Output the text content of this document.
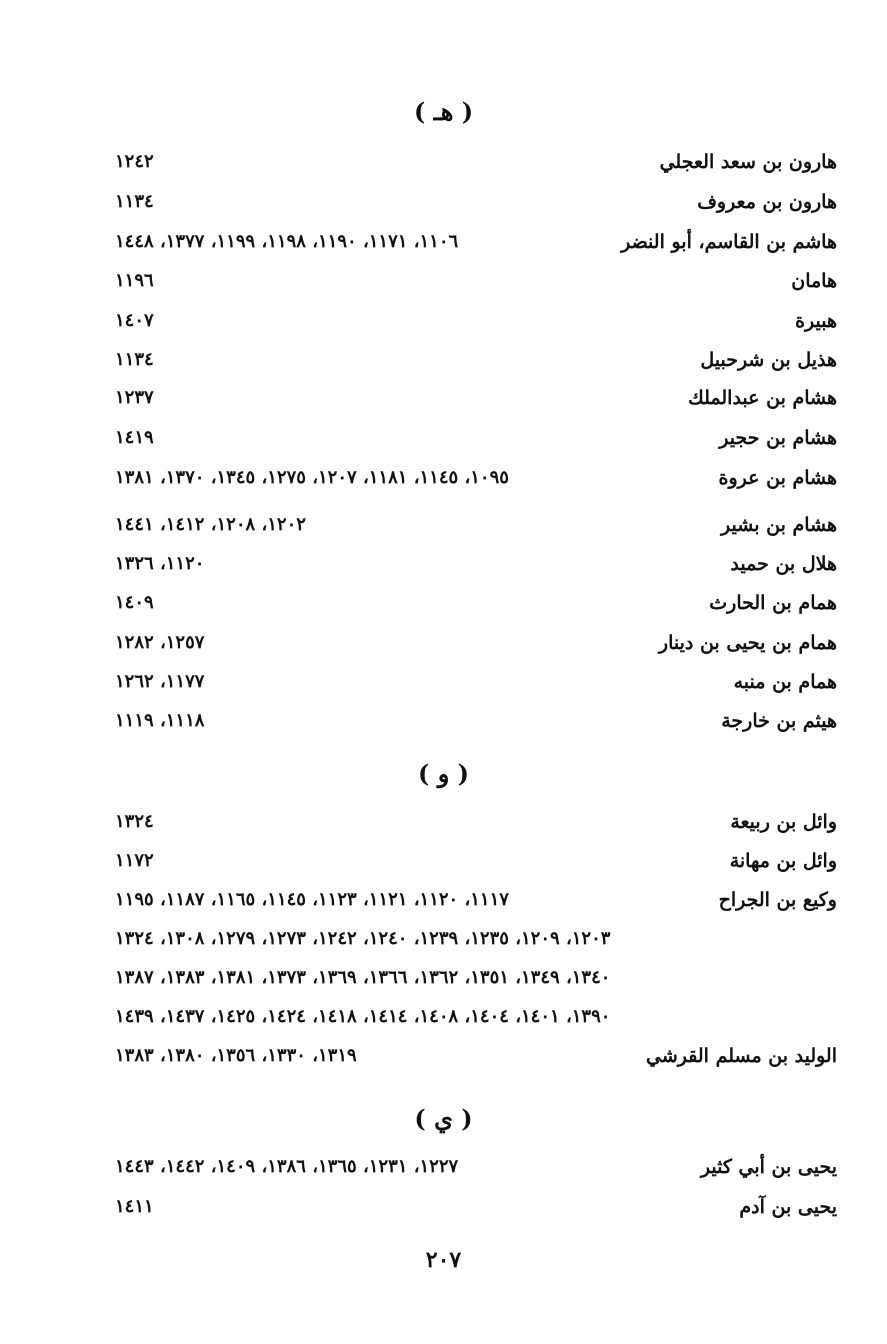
( هـ )
هارون بن سعد العجلي
١٢٤٢
هارون بن معروف
١١٣٤
هاشم بن القاسم، أبو النضر
١١٠٦، ١١٧١، ١١٩٠، ١١٩٨، ١١٩٩، ١٣٧٧، ١٤٤٨
هامان
١١٩٦
هبيرة
١٤٠٧
هذيل بن شرحبيل
١١٣٤
هشام بن عبدالملك
١٢٣٧
هشام بن حجير
١٤١٩
هشام بن عروة
١٠٩٥، ١١٤٥، ١١٨١، ١٢٠٧، ١٢٧٥، ١٣٤٥، ١٣٧٠، ١٣٨١
هشام بن بشير
١٢٠٢، ١٢٠٨، ١٤١٢، ١٤٤١
هلال بن حميد
١١٢٠، ١٣٢٦
همام بن الحارث
١٤٠٩
همام بن يحيى بن دينار
١٢٥٧، ١٢٨٢
همام بن منبه
١١٧٧، ١٢٦٢
هيثم بن خارجة
١١١٨، ١١١٩
( و )
وائل بن ربيعة
١٣٢٤
وائل بن مهانة
١١٧٢
وكيع بن الجراح
١١١٧، ١١٢٠، ١١٢١، ١١٢٣، ١١٤٥، ١١٦٥، ١١٨٧، ١١٩٥
١٢٠٣، ١٢٠٩، ١٢٣٥، ١٢٣٩، ١٢٤٠، ١٢٤٢، ١٢٧٣، ١٢٧٩، ١٣٠٨، ١٣٢٤
١٣٤٠، ١٣٤٩، ١٣٥١، ١٣٦٢، ١٣٦٦، ١٣٦٩، ١٣٧٣، ١٣٨١، ١٣٨٣، ١٣٨٧
١٣٩٠، ١٤٠١، ١٤٠٤، ١٤٠٨، ١٤١٤، ١٤١٨، ١٤٢٤، ١٤٢٥، ١٤٣٧، ١٤٣٩
الوليد بن مسلم القرشي
١٣١٩، ١٣٣٠، ١٣٥٦، ١٣٨٠، ١٣٨٣
( ي )
يحيى بن أبي كثير
١٢٢٧، ١٢٣١، ١٣٦٥، ١٣٨٦، ١٤٠٩، ١٤٤٢، ١٤٤٣
يحيى بن آدم
١٤١١
٢٠٧
